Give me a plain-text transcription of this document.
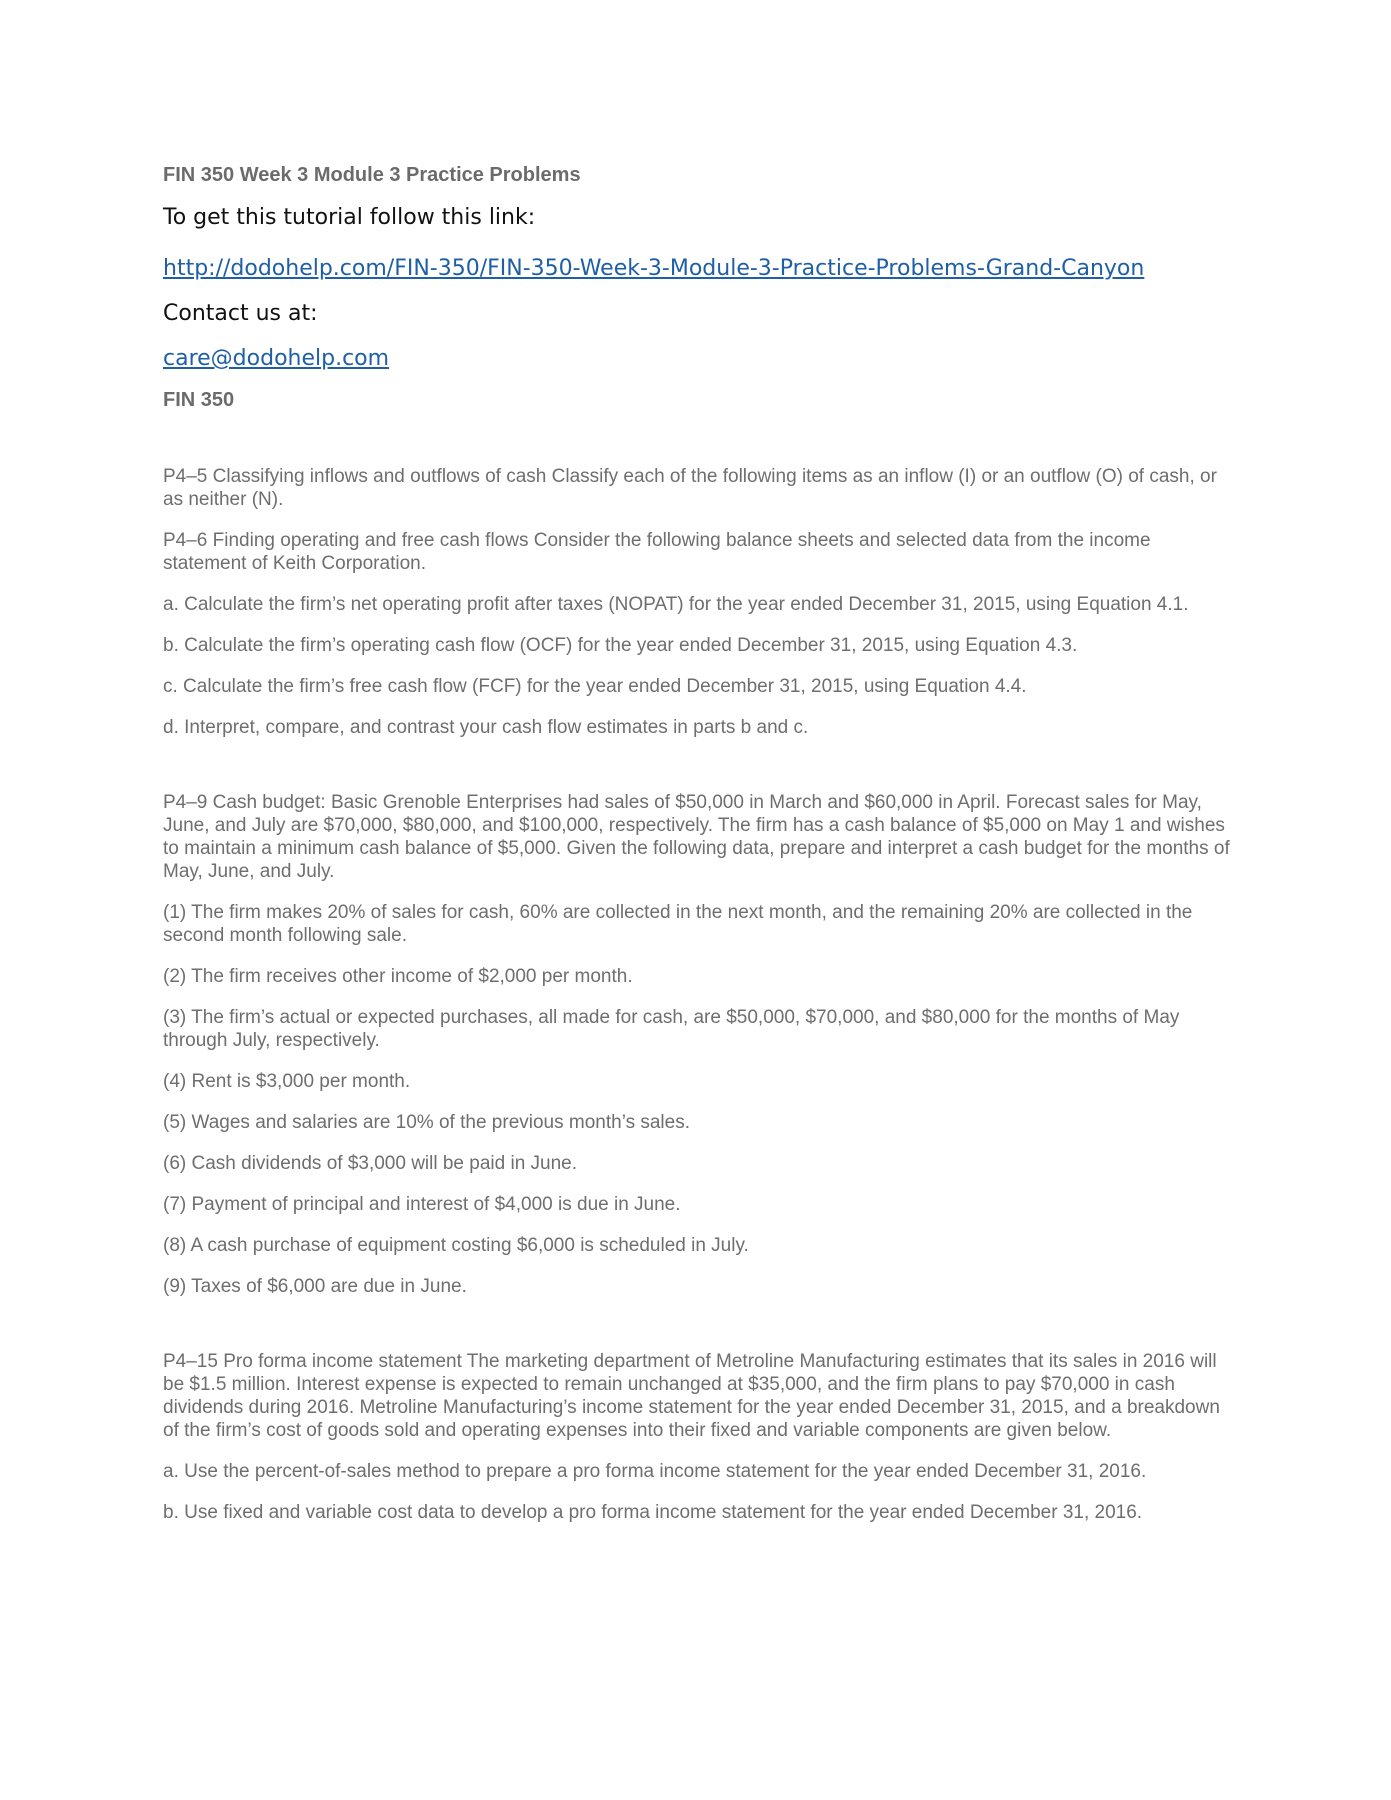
FIN 350 Week 3 Module 3 Practice Problems
To get this tutorial follow this link:
http://dodohelp.com/FIN-350/FIN-350-Week-3-Module-3-Practice-Problems-Grand-Canyon
Contact us at:
care@dodohelp.com
FIN 350
P4–5 Classifying inflows and outflows of cash Classify each of the following items as an inflow (I) or an outflow (O) of cash, or as neither (N).
P4–6 Finding operating and free cash flows Consider the following balance sheets and selected data from the income statement of Keith Corporation.
a. Calculate the firm’s net operating profit after taxes (NOPAT) for the year ended December 31, 2015, using Equation 4.1.
b. Calculate the firm’s operating cash flow (OCF) for the year ended December 31, 2015, using Equation 4.3.
c. Calculate the firm’s free cash flow (FCF) for the year ended December 31, 2015, using Equation 4.4.
d. Interpret, compare, and contrast your cash flow estimates in parts b and c.
P4–9 Cash budget: Basic Grenoble Enterprises had sales of $50,000 in March and $60,000 in April. Forecast sales for May, June, and July are $70,000, $80,000, and $100,000, respectively. The firm has a cash balance of $5,000 on May 1 and wishes to maintain a minimum cash balance of $5,000. Given the following data, prepare and interpret a cash budget for the months of May, June, and July.
(1) The firm makes 20% of sales for cash, 60% are collected in the next month, and the remaining 20% are collected in the second month following sale.
(2) The firm receives other income of $2,000 per month.
(3) The firm’s actual or expected purchases, all made for cash, are $50,000, $70,000, and $80,000 for the months of May through July, respectively.
(4) Rent is $3,000 per month.
(5) Wages and salaries are 10% of the previous month’s sales.
(6) Cash dividends of $3,000 will be paid in June.
(7) Payment of principal and interest of $4,000 is due in June.
(8) A cash purchase of equipment costing $6,000 is scheduled in July.
(9) Taxes of $6,000 are due in June.
P4–15 Pro forma income statement The marketing department of Metroline Manufacturing estimates that its sales in 2016 will be $1.5 million. Interest expense is expected to remain unchanged at $35,000, and the firm plans to pay $70,000 in cash dividends during 2016. Metroline Manufacturing’s income statement for the year ended December 31, 2015, and a breakdown of the firm’s cost of goods sold and operating expenses into their fixed and variable components are given below.
a. Use the percent-of-sales method to prepare a pro forma income statement for the year ended December 31, 2016.
b. Use fixed and variable cost data to develop a pro forma income statement for the year ended December 31, 2016.
